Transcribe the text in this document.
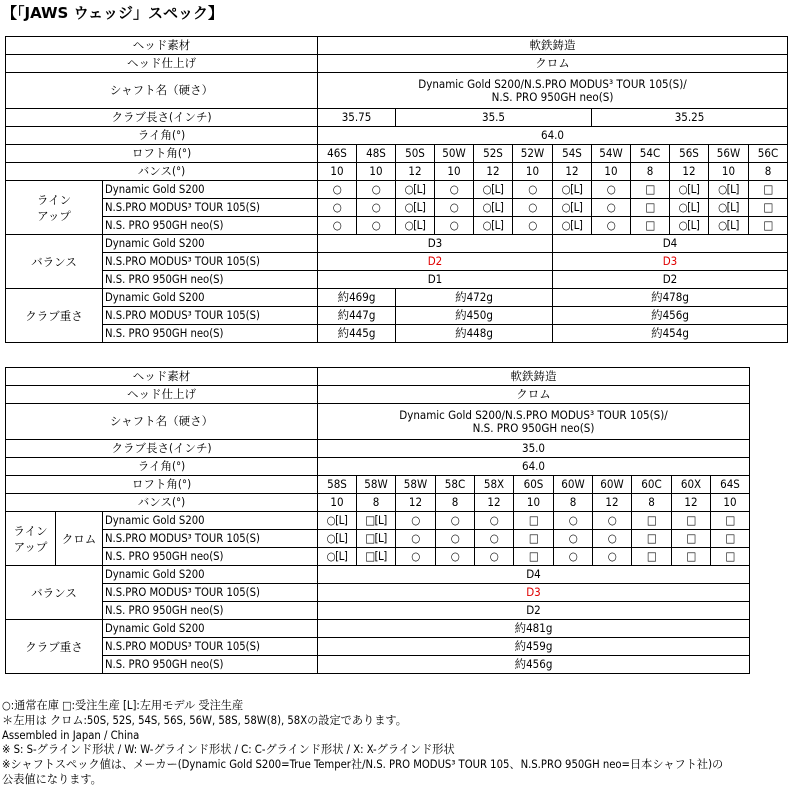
【「JAWS ウェッジ」スペック】
ヘッド素材		軟鉄鋳造											
ヘッド仕上げ		クロム											
シャフト名（硬さ）		Dynamic Gold S200/N.S.PRO MODUS³ TOUR 105(S)/
N.S. PRO 950GH neo(S)											

クラブ長さ(インチ)		35.75		35.5					35.25				
ライ角(°)		64.0											
ロフト角(°)		46S	48S	50S	50W	52S	52W	54S	54W	54C	56S	56W	56C
バンス(°)		10	10	12	10	12	10	12	10	8	12	10	8

ライン
アップ	Dynamic Gold S200	○	○	○[L]	○	○[L]	○	○[L]	○	□	○[L]	○[L]	□
	N.S.PRO MODUS³ TOUR 105(S)	○	○	○[L]	○	○[L]	○	○[L]	○	□	○[L]	○[L]	□
	N.S. PRO 950GH neo(S)	○	○	○[L]	○	○[L]	○	○[L]	○	□	○[L]	○[L]	□
バランス	Dynamic Gold S200	D3						D4					
	N.S.PRO MODUS³ TOUR 105(S)	D2						D3					
	N.S. PRO 950GH neo(S)	D1						D2					
クラブ重さ	Dynamic Gold S200	約469g		約472g				約478g					
	N.S.PRO MODUS³ TOUR 105(S)	約447g		約450g				約456g					
	N.S. PRO 950GH neo(S)	約445g		約448g				約454g					
ヘッド素材			軟鉄鋳造										
ヘッド仕上げ			クロム										
シャフト名（硬さ）			Dynamic Gold S200/N.S.PRO MODUS³ TOUR 105(S)/
N.S. PRO 950GH neo(S)										

クラブ長さ(インチ)			35.0										
ライ角(°)			64.0										
ロフト角(°)			58S	58W	58W	58C	58X	60S	60W	60W	60C	60X	64S
バンス(°)			10	8	12	8	12	10	8	12	8	12	10

ライン
アップ	クロム	Dynamic Gold S200	○[L]	□[L]	○	○	○	□	○	○	□	□	□
		N.S.PRO MODUS³ TOUR 105(S)	○[L]	□[L]	○	○	○	□	○	○	□	□	□
		N.S. PRO 950GH neo(S)	○[L]	□[L]	○	○	○	□	○	○	□	□	□
バランス		Dynamic Gold S200	D4										
		N.S.PRO MODUS³ TOUR 105(S)	D3										
		N.S. PRO 950GH neo(S)	D2										
クラブ重さ		Dynamic Gold S200	約481g										
		N.S.PRO MODUS³ TOUR 105(S)	約459g										
		N.S. PRO 950GH neo(S)	約456g										
○:通常在庫 □:受注生産 [L]:左用モデル 受注生産
＊左用は クロム:50S, 52S, 54S, 56S, 56W, 58S, 58W(8), 58Xの設定であります。
Assembled in Japan / China
※ S: S-グラインド形状 / W: W-グラインド形状 / C: C-グラインド形状 / X: X-グラインド形状
※シャフトスペック値は、メーカー(Dynamic Gold S200=True Temper社/N.S. PRO MODUS³ TOUR 105、N.S.PRO 950GH neo=日本シャフト社)の
公表値になります。
